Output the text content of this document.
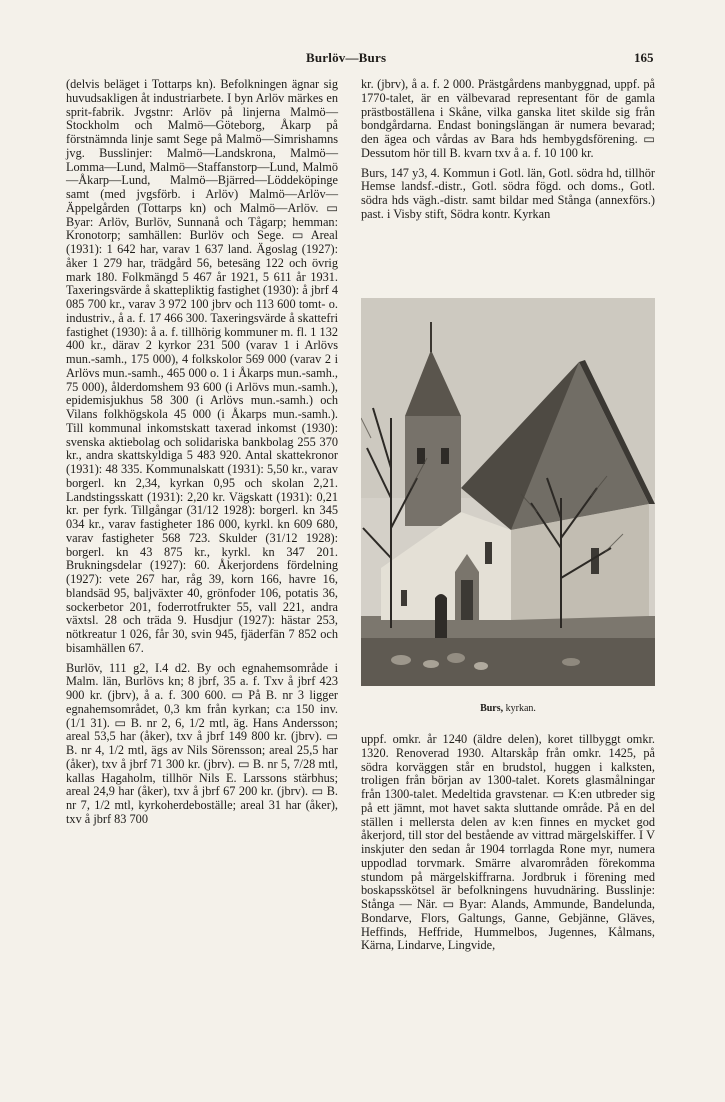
Burlöv—Burs	165

(delvis beläget i Tottarps kn). Befolkningen ägnar sig huvudsakligen åt industriarbete. I byn Arlöv märkes en sprit-fabrik. Jvgstnr: Arlöv på linjerna Malmö—Stockholm och Malmö—Göteborg, Åkarp på förstnämnda linje samt Sege på Malmö—Simrishamns jvg. Busslinjer: Malmö—Landskrona, Malmö—Lomma—Lund, Malmö—Staffanstorp—Lund, Malmö—Åkarp—Lund, Malmö—Bjärred—Löddeköpinge samt (med jvgsförb. i Arlöv) Malmö—Arlöv—Äppelgården (Tottarps kn) och Malmö—Arlöv. ▭ Byar: Arlöv, Burlöv, Sunnanå och Tågarp; hemman: Kronotorp; samhällen: Burlöv och Sege. ▭ Areal (1931): 1 642 har, varav 1 637 land. Ägoslag (1927): åker 1 279 har, trädgård 56, betesäng 122 och övrig mark 180. Folkmängd 5 467 år 1921, 5 611 år 1931. Taxeringsvärde å skattepliktig fastighet (1930): å jbrf 4 085 700 kr., varav 3 972 100 jbrv och 113 600 tomt- o. industriv., å a. f. 17 466 300. Taxeringsvärde å skattefri fastighet (1930): å a. f. tillhörig kommuner m. fl. 1 132 400 kr., därav 2 kyrkor 231 500 (varav 1 i Arlövs mun.-samh., 175 000), 4 folkskolor 569 000 (varav 2 i Arlövs mun.-samh., 465 000 o. 1 i Åkarps mun.-samh., 75 000), ålderdomshem 93 600 (i Arlövs mun.-samh.), epidemisjukhus 58 300 (i Arlövs mun.-samh.) och Vilans folkhögskola 45 000 (i Åkarps mun.-samh.). Till kommunal inkomstskatt taxerad inkomst (1930): svenska aktiebolag och solidariska bankbolag 255 370 kr., andra skattskyldiga 5 483 920. Antal skattekronor (1931): 48 335. Kommunalskatt (1931): 5,50 kr., varav borgerl. kn 2,34, kyrkan 0,95 och skolan 2,21. Landstingsskatt (1931): 2,20 kr. Vägskatt (1931): 0,21 kr. per fyrk. Tillgångar (31/12 1928): borgerl. kn 345 034 kr., varav fastigheter 186 000, kyrkl. kn 609 680, varav fastigheter 568 723. Skulder (31/12 1928): borgerl. kn 43 875 kr., kyrkl. kn 347 201. Brukningsdelar (1927): 60. Åkerjordens fördelning (1927): vete 267 har, råg 39, korn 166, havre 16, blandsäd 95, baljväxter 40, grönfoder 106, potatis 36, sockerbetor 201, foderrotfrukter 55, vall 221, andra växtsl. 28 och träda 9. Husdjur (1927): hästar 253, nötkreatur 1 026, får 30, svin 945, fjäderfän 7 852 och bisamhällen 67.

Burlöv, 111 g2, I.4 d2. By och egnahemsområde i Malm. län, Burlövs kn; 8 jbrf, 35 a. f. Txv å jbrf 423 900 kr. (jbrv), å a. f. 300 600. ▭ På B. nr 3 ligger egnahemsområdet, 0,3 km från kyrkan; c:a 150 inv. (1/1 31). ▭ B. nr 2, 6, 1/2 mtl, äg. Hans Andersson; areal 53,5 har (åker), txv å jbrf 149 800 kr. (jbrv). ▭ B. nr 4, 1/2 mtl, ägs av Nils Sörensson; areal 25,5 har (åker), txv å jbrf 71 300 kr. (jbrv). ▭ B. nr 5, 7/28 mtl, kallas Hagaholm, tillhör Nils E. Larssons stärbhus; areal 24,9 har (åker), txv å jbrf 67 200 kr. (jbrv). ▭ B. nr 7, 1/2 mtl, kyrkoherdeboställe; areal 31 har (åker), txv å jbrf 83 700

kr. (jbrv), å a. f. 2 000. Prästgårdens manbyggnad, uppf. på 1770-talet, är en välbevarad representant för de gamla prästboställena i Skåne, vilka ganska litet skilde sig från bondgårdarna. Endast boningslängan är numera bevarad; den ägea och vårdas av Bara hds hembygdsförening. ▭ Dessutom hör till B. kvarn txv å a. f. 10 100 kr.

Burs, 147 y3, 4. Kommun i Gotl. län, Gotl. södra hd, tillhör Hemse landsf.-distr., Gotl. södra fögd. och doms., Gotl. södra hds vägh.-distr. samt bildar med Stånga (annexförs.) past. i Visby stift, Södra kontr. Kyrkan

Burs, kyrkan.

uppf. omkr. år 1240 (äldre delen), koret tillbyggt omkr. 1320. Renoverad 1930. Altarskåp från omkr. 1425, på södra korväggen står en brudstol, huggen i kalksten, troligen från början av 1300-talet. Korets glasmålningar från 1300-talet. Medeltida gravstenar. ▭ K:en utbreder sig på ett jämnt, mot havet sakta sluttande område. På en del ställen i mellersta delen av k:en finnes en mycket god åkerjord, till stor del bestående av vittrad märgelskiffer. I V inskjuter den sedan år 1904 torrlagda Rone myr, numera uppodlad torvmark. Smärre alvarområden förekomma stundom på märgelskiffrarna. Jordbruk i förening med boskapsskötsel är befolkningens huvudnäring. Busslinje: Stånga — När. ▭ Byar: Alands, Ammunde, Bandelunda, Bondarve, Flors, Galtungs, Ganne, Gebjänne, Gläves, Heffinds, Heffride, Hummelbos, Jugennes, Kålmans, Kärna, Lindarve, Lingvide,
